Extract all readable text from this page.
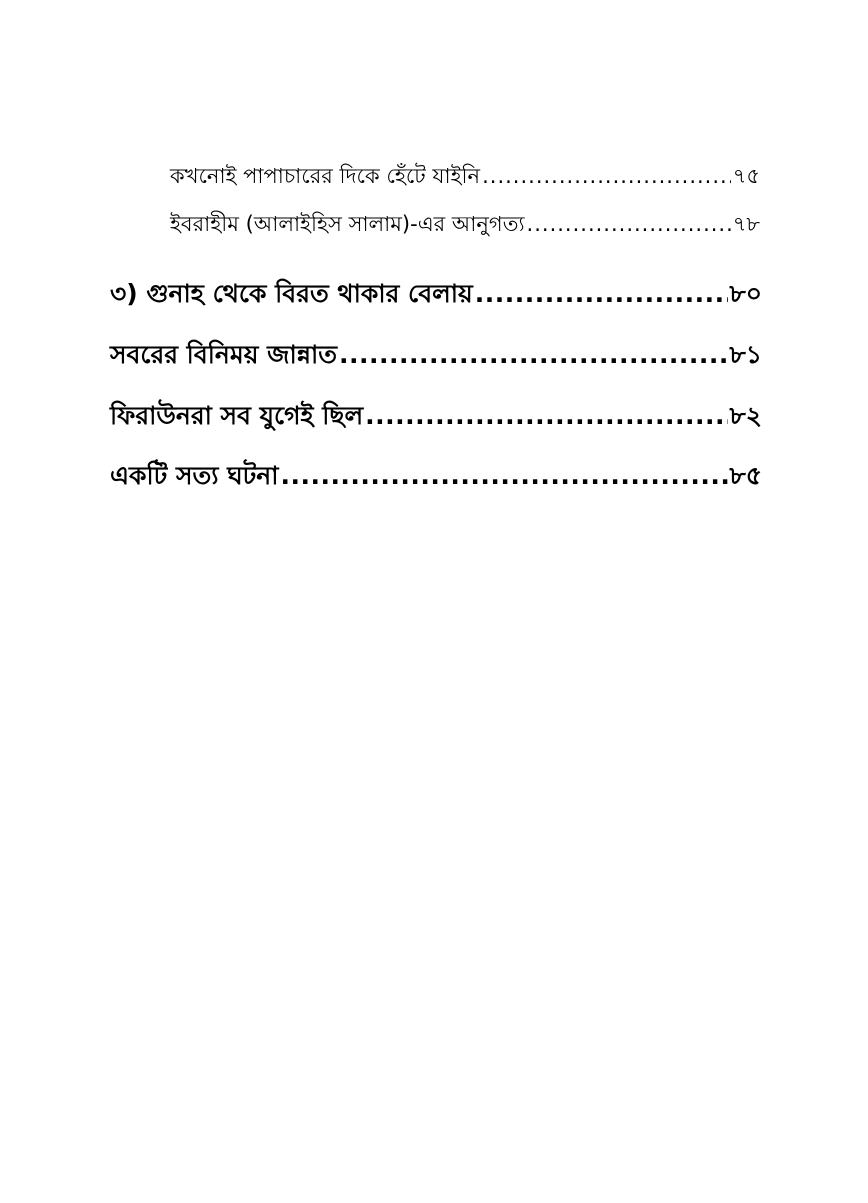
কখনোই পাপাচারের দিকে হেঁটে যাইনি .....	৭৫
ইবরাহীম (আলাইহিস সালাম)-এর আনুগত্য .....	৭৮
৩) গুনাহ থেকে বিরত থাকার বেলায় .....	৮০
সবরের বিনিময় জান্নাত .....	৮১
ফিরাউনরা সব যুগেই ছিল .....	৮২
একটি সত্য ঘটনা .....	৮৫
